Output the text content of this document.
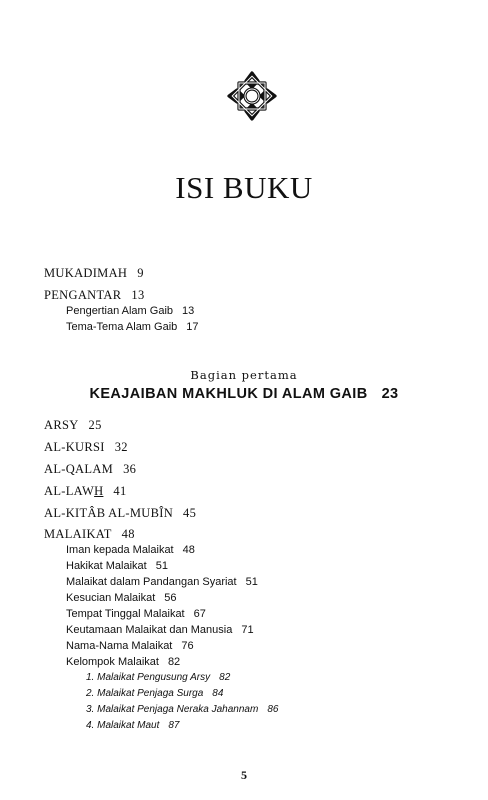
ISI BUKU
MUKADIMAH 9
PENGANTAR 13
Pengertian Alam Gaib 13
Tema-Tema Alam Gaib 17
Bagian pertama
KEAJAIBAN MAKHLUK DI ALAM GAIB 23
ARSY 25
AL-KURSI 32
AL-QALAM 36
AL-LAWH 41
AL-KITÂB AL-MUBÎN 45
MALAIKAT 48
Iman kepada Malaikat 48
Hakikat Malaikat 51
Malaikat dalam Pandangan Syariat 51
Kesucian Malaikat 56
Tempat Tinggal Malaikat 67
Keutamaan Malaikat dan Manusia 71
Nama-Nama Malaikat 76
Kelompok Malaikat 82
1. Malaikat Pengusung Arsy 82
2. Malaikat Penjaga Surga 84
3. Malaikat Penjaga Neraka Jahannam 86
4. Malaikat Maut 87
5
